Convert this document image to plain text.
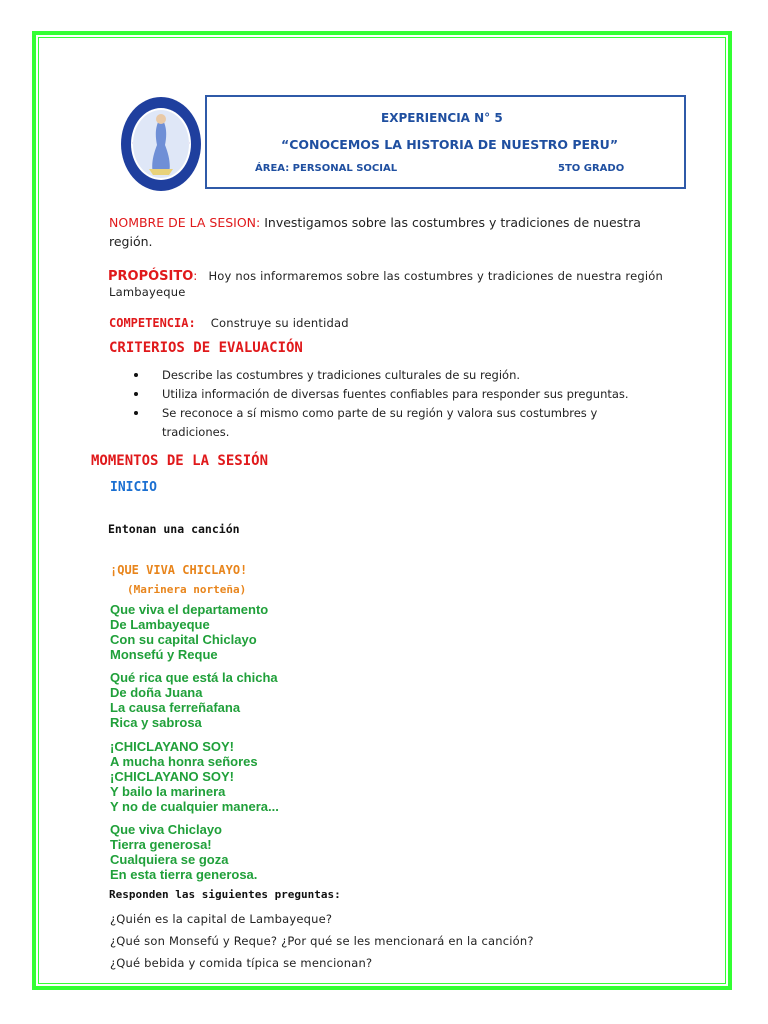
EXPERIENCIA N° 5
“CONOCEMOS LA HISTORIA DE NUESTRO PERU”
ÁREA: PERSONAL SOCIAL	5TO GRADO
NOMBRE DE LA SESION: Investigamos sobre las costumbres y tradiciones de nuestra
región.
PROPÓSITO: Hoy nos informaremos sobre las costumbres y tradiciones de nuestra región
Lambayeque
COMPETENCIA: Construye su identidad
CRITERIOS DE EVALUACIÓN
Describe las costumbres y tradiciones culturales de su región.
Utiliza información de diversas fuentes confiables para responder sus preguntas.
Se reconoce a sí mismo como parte de su región y valora sus costumbres y tradiciones.
MOMENTOS DE LA SESIÓN
INICIO
Entonan una canción
¡QUE VIVA CHICLAYO!
(Marinera norteña)
Que viva el departamento
De Lambayeque
Con su capital Chiclayo
Monsefú y Reque
Qué rica que está la chicha
De doña Juana
La causa ferreñafana
Rica y sabrosa
¡CHICLAYANO SOY!
A mucha honra señores
¡CHICLAYANO SOY!
Y bailo la marinera
Y no de cualquier manera...
Que viva Chiclayo
Tierra generosa!
Cualquiera se goza
En esta tierra generosa.
Responden las siguientes preguntas:
¿Quién es la capital de Lambayeque?
¿Qué son Monsefú y Reque? ¿Por qué se les mencionará en la canción?
¿Qué bebida y comida típica se mencionan?
